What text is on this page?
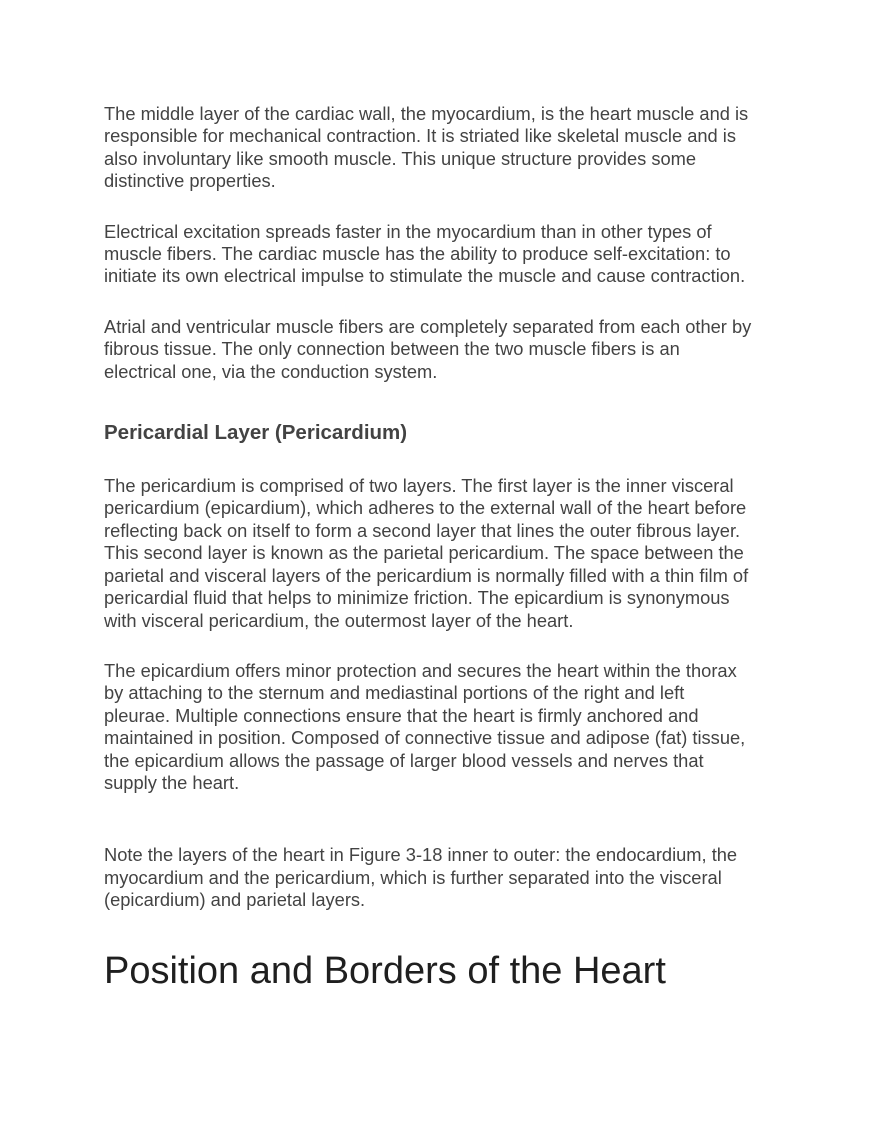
The middle layer of the cardiac wall, the myocardium, is the heart muscle and is responsible for mechanical contraction. It is striated like skeletal muscle and is also involuntary like smooth muscle. This unique structure provides some distinctive properties.

Electrical excitation spreads faster in the myocardium than in other types of muscle fibers. The cardiac muscle has the ability to produce self-excitation: to initiate its own electrical impulse to stimulate the muscle and cause contraction.

Atrial and ventricular muscle fibers are completely separated from each other by fibrous tissue. The only connection between the two muscle fibers is an electrical one, via the conduction system.

Pericardial Layer (Pericardium)

The pericardium is comprised of two layers. The first layer is the inner visceral pericardium (epicardium), which adheres to the external wall of the heart before reflecting back on itself to form a second layer that lines the outer fibrous layer. This second layer is known as the parietal pericardium. The space between the parietal and visceral layers of the pericardium is normally filled with a thin film of pericardial fluid that helps to minimize friction. The epicardium is synonymous with visceral pericardium, the outermost layer of the heart.

The epicardium offers minor protection and secures the heart within the thorax by attaching to the sternum and mediastinal portions of the right and left pleurae. Multiple connections ensure that the heart is firmly anchored and maintained in position. Composed of connective tissue and adipose (fat) tissue, the epicardium allows the passage of larger blood vessels and nerves that supply the heart.

Note the layers of the heart in Figure 3-18 inner to outer: the endocardium, the myocardium and the pericardium, which is further separated into the visceral (epicardium) and parietal layers.

Position and Borders of the Heart
